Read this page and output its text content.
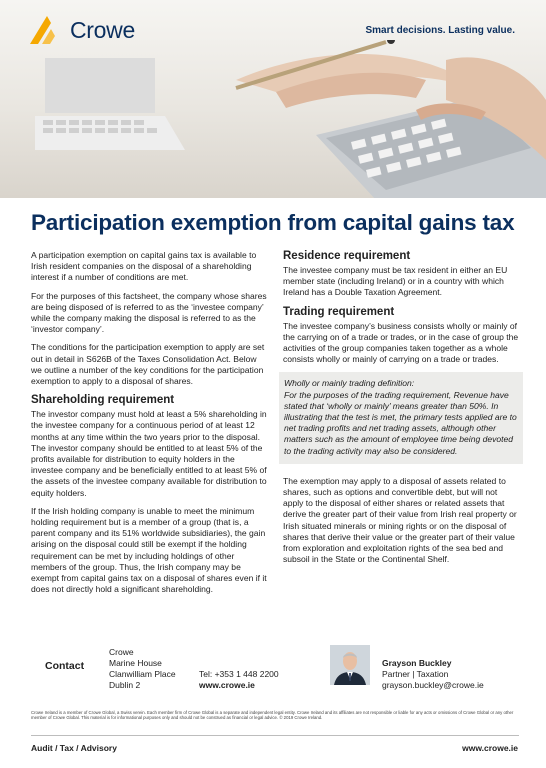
Crowe	Smart decisions. Lasting value.
Participation exemption from capital gains tax

A participation exemption on capital gains tax is available to Irish resident companies on the disposal of a shareholding interest if a number of conditions are met.

For the purposes of this factsheet, the company whose shares are being disposed of is referred to as the ‘investee company’ while the company making the disposal is referred to as the ‘investor company’.

The conditions for the participation exemption to apply are set out in detail in S626B of the Taxes Consolidation Act. Below we outline a number of the key conditions for the participation exemption to apply to a disposal of shares.

Shareholding requirement

The investor company must hold at least a 5% shareholding in the investee company for a continuous period of at least 12 months at any time within the two years prior to the disposal. The investor company should be entitled to at least 5% of the profits available for distribution to equity holders in the investee company and be beneficially entitled to at least 5% of the assets of the investee company available for distribution to equity holders.

If the Irish holding company is unable to meet the minimum holding requirement but is a member of a group (that is, a parent company and its 51% worldwide subsidiaries), the gain arising on the disposal could still be exempt if the holding requirement can be met by including holdings of other members of the group. Thus, the Irish company may be exempt from capital gains tax on a disposal of shares even if it does not directly hold a significant shareholding.

Residence requirement

The investee company must be tax resident in either an EU member state (including Ireland) or in a country with which Ireland has a Double Taxation Agreement.

Trading requirement

The investee company’s business consists wholly or mainly of the carrying on of a trade or trades, or in the case of group the activities of the group companies taken together as a whole consists wholly or mainly of carrying on a trade or trades.

Wholly or mainly trading definition:

For the purposes of the trading requirement, Revenue have stated that ‘wholly or mainly’ means greater than 50%. In illustrating that the test is met, the primary tests applied are to net trading profits and net trading assets, although other matters such as the amount of employee time being devoted to the trading activity may also be considered.

The exemption may apply to a disposal of assets related to shares, such as options and convertible debt, but will not apply to the disposal of either shares or related assets that derive the greater part of their value from Irish real property or Irish situated minerals or mining rights or on the disposal of shares that derive their value or the greater part of their value from exploration and exploitation rights of the sea bed and subsoil in the State or the Continental Shelf.

Contact
Crowe
Marine House
Clanwilliam Place
Dublin 2
Tel: +353 1 448 2200
www.crowe.ie
Grayson Buckley
Partner | Taxation
grayson.buckley@crowe.ie
Crowe Ireland is a member of Crowe Global, a Swiss verein. Each member firm of Crowe Global is a separate and independent legal entity. Crowe Ireland and its affiliates are not responsible or liable for any acts or omissions of Crowe Global or any other member of Crowe Global. This material is for informational purposes only and should not be construed as financial or legal advice. © 2019 Crowe Ireland.
Audit / Tax / Advisory	www.crowe.ie
